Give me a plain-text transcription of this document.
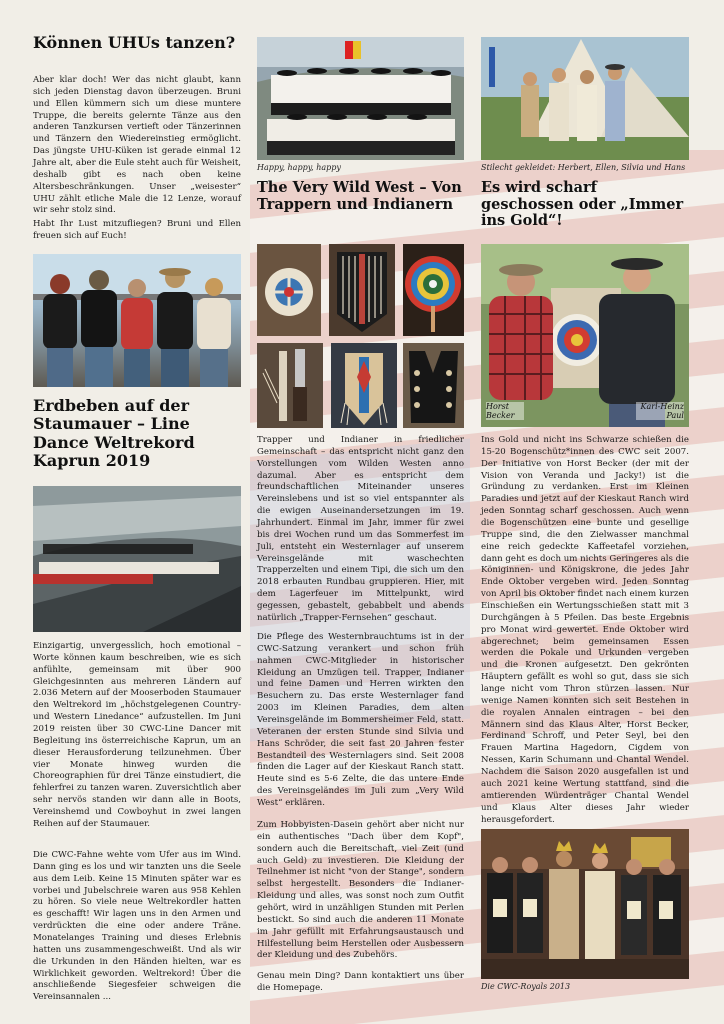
Können UHUs tanzen?

Aber klar doch! Wer das nicht glaubt, kann sich jeden Dienstag davon überzeugen. Bruni und Ellen kümmern sich um diese muntere Truppe, die bereits gelernte Tänze aus den anderen Tanzkursen vertieft oder Tänzerinnen und Tänzern den Wiedereinstieg ermöglicht. Das jüngste UHU-Küken ist gerade einmal 12 Jahre alt, aber die Eule steht auch für Weisheit, deshalb gibt es nach oben keine Altersbeschränkungen. Unser „weisester“ UHU zählt etliche Male die 12 Lenze, worauf wir sehr stolz sind.

Habt Ihr Lust mitzufliegen? Bruni und Ellen freuen sich auf Euch!

Erdbeben auf der Staumauer – Line Dance Weltrekord Kaprun 2019

Einzigartig, unvergesslich, hoch emotional – Worte können kaum beschreiben, wie es sich anfühlte, gemeinsam mit über 900 Gleichgesinnten aus mehreren Ländern auf 2.036 Metern auf der Mooserboden Staumauer den Weltrekord im „höchstgelegenen Country- und Western Linedance“ aufzustellen. Im Juni 2019 reisten über 30 CWC-Line Dancer mit Begleitung ins österreichische Kaprun, um an dieser Herausforderung teilzunehmen. Über vier Monate hinweg wurden die Choreographien für drei Tänze einstudiert, die fehlerfrei zu tanzen waren. Zuversichtlich aber sehr nervös standen wir dann alle in Boots, Vereinshemd und Cowboyhut in zwei langen Reihen auf der Staumauer.

Die CWC-Fahne wehte vom Ufer aus im Wind. Dann ging es los und wir tanzten uns die Seele aus dem Leib. Keine 15 Minuten später war es vorbei und Jubelschreie waren aus 958 Kehlen zu hören. So viele neue Weltrekordler hatten es geschafft! Wir lagen uns in den Armen und verdrückten die eine oder andere Träne. Monatelanges Training und dieses Erlebnis hatten uns zusammengeschweißt. Und als wir die Urkunden in den Händen hielten, war es Wirklichkeit geworden. Weltrekord! Über die anschließende Siegesfeier schweigen die Vereinsannalen ...

Happy, happy, happy
The Very Wild West – Von Trappern und Indianern

Trapper und Indianer in friedlicher Gemeinschaft – das entspricht nicht ganz den Vorstellungen vom Wilden Westen anno dazumal. Aber es entspricht dem freundschaftlichen Miteinander unseres Vereinslebens und ist so viel entspannter als die ewigen Auseinandersetzungen im 19. Jahrhundert. Einmal im Jahr, immer für zwei bis drei Wochen rund um das Sommerfest im Juli, entsteht ein Westernlager auf unserem Vereinsgelände mit waschechten Trapperzelten und einem Tipi, die sich um den 2018 erbauten Rundbau gruppieren. Hier, mit dem Lagerfeuer im Mittelpunkt, wird gegessen, gebastelt, gebabbelt und abends natürlich „Trapper-Fernsehen“ geschaut.

Die Pflege des Westernbrauchtums ist in der CWC-Satzung verankert und schon früh nahmen CWC-Mitglieder in historischer Kleidung an Umzügen teil. Trapper, Indianer und feine Damen und Herren wirkten den Besuchern zu. Das erste Westernlager fand 2003 im Kleinen Paradies, dem alten Vereinsgelände im Bommersheimer Feld, statt. Veteranen der ersten Stunde sind Silvia und Hans Schröder, die seit fast 20 Jahren fester Bestandteil des Westernlagers sind. Seit 2008 finden die Lager auf der Kieskaut Ranch statt. Heute sind es 5-6 Zelte, die das untere Ende des Vereinsgeländes im Juli zum „Very Wild West“ erklären.

Zum Hobbyisten-Dasein gehört aber nicht nur ein authentisches "Dach über dem Kopf", sondern auch die Bereitschaft, viel Zeit (und auch Geld) zu investieren. Die Kleidung der Teilnehmer ist nicht "von der Stange", sondern selbst hergestellt. Besonders die Indianer-Kleidung und alles, was sonst noch zum Outfit gehört, wird in unzähligen Stunden mit Perlen bestickt. So sind auch die anderen 11 Monate im Jahr gefüllt mit Erfahrungsaustausch und Hilfestellung beim Herstellen oder Ausbessern der Kleidung und des Zubehörs.

Genau mein Ding? Dann kontaktiert uns über die Homepage.

Stilecht gekleidet: Herbert, Ellen, Silvia und Hans
Es wird scharf geschossen oder „Immer ins Gold“!
Horst Becker
Karl-Heinz Paul

Ins Gold und nicht ins Schwarze schießen die 15-20 Bogenschütz*innen des CWC seit 2007. Der Initiative von Horst Becker (der mit der Vision von Veranda und Jacky!) ist die Gründung zu verdanken. Erst im Kleinen Paradies und jetzt auf der Kieskaut Ranch wird jeden Sonntag scharf geschossen. Auch wenn die Bogenschützen eine bunte und gesellige Truppe sind, die den Zielwasser manchmal eine reich gedeckte Kaffeetafel vorziehen, dann geht es doch um nichts Geringeres als die Königinnen- und Königskrone, die jedes Jahr Ende Oktober vergeben wird. Jeden Sonntag von April bis Oktober findet nach einem kurzen Einschießen ein Wertungsschießen statt mit 3 Durchgängen à 5 Pfeilen. Das beste Ergebnis pro Monat wird gewertet. Ende Oktober wird abgerechnet; beim gemeinsamen Essen werden die Pokale und Urkunden vergeben und die Kronen aufgesetzt. Den gekrönten Häuptern gefällt es wohl so gut, dass sie sich lange nicht vom Thron stürzen lassen. Nur wenige Namen konnten sich seit Bestehen in die royalen Annalen eintragen – bei den Männern sind das Klaus Alter, Horst Becker, Ferdinand Schroff, und Peter Seyl, bei den Frauen Martina Hagedorn, Cigdem von Nessen, Karin Schumann und Chantal Wendel. Nachdem die Saison 2020 ausgefallen ist und auch 2021 keine Wertung stattfand, sind die amtierenden Würdenträger Chantal Wendel und Klaus Alter dieses Jahr wieder herausgefordert.

Die CWC-Royals 2013
